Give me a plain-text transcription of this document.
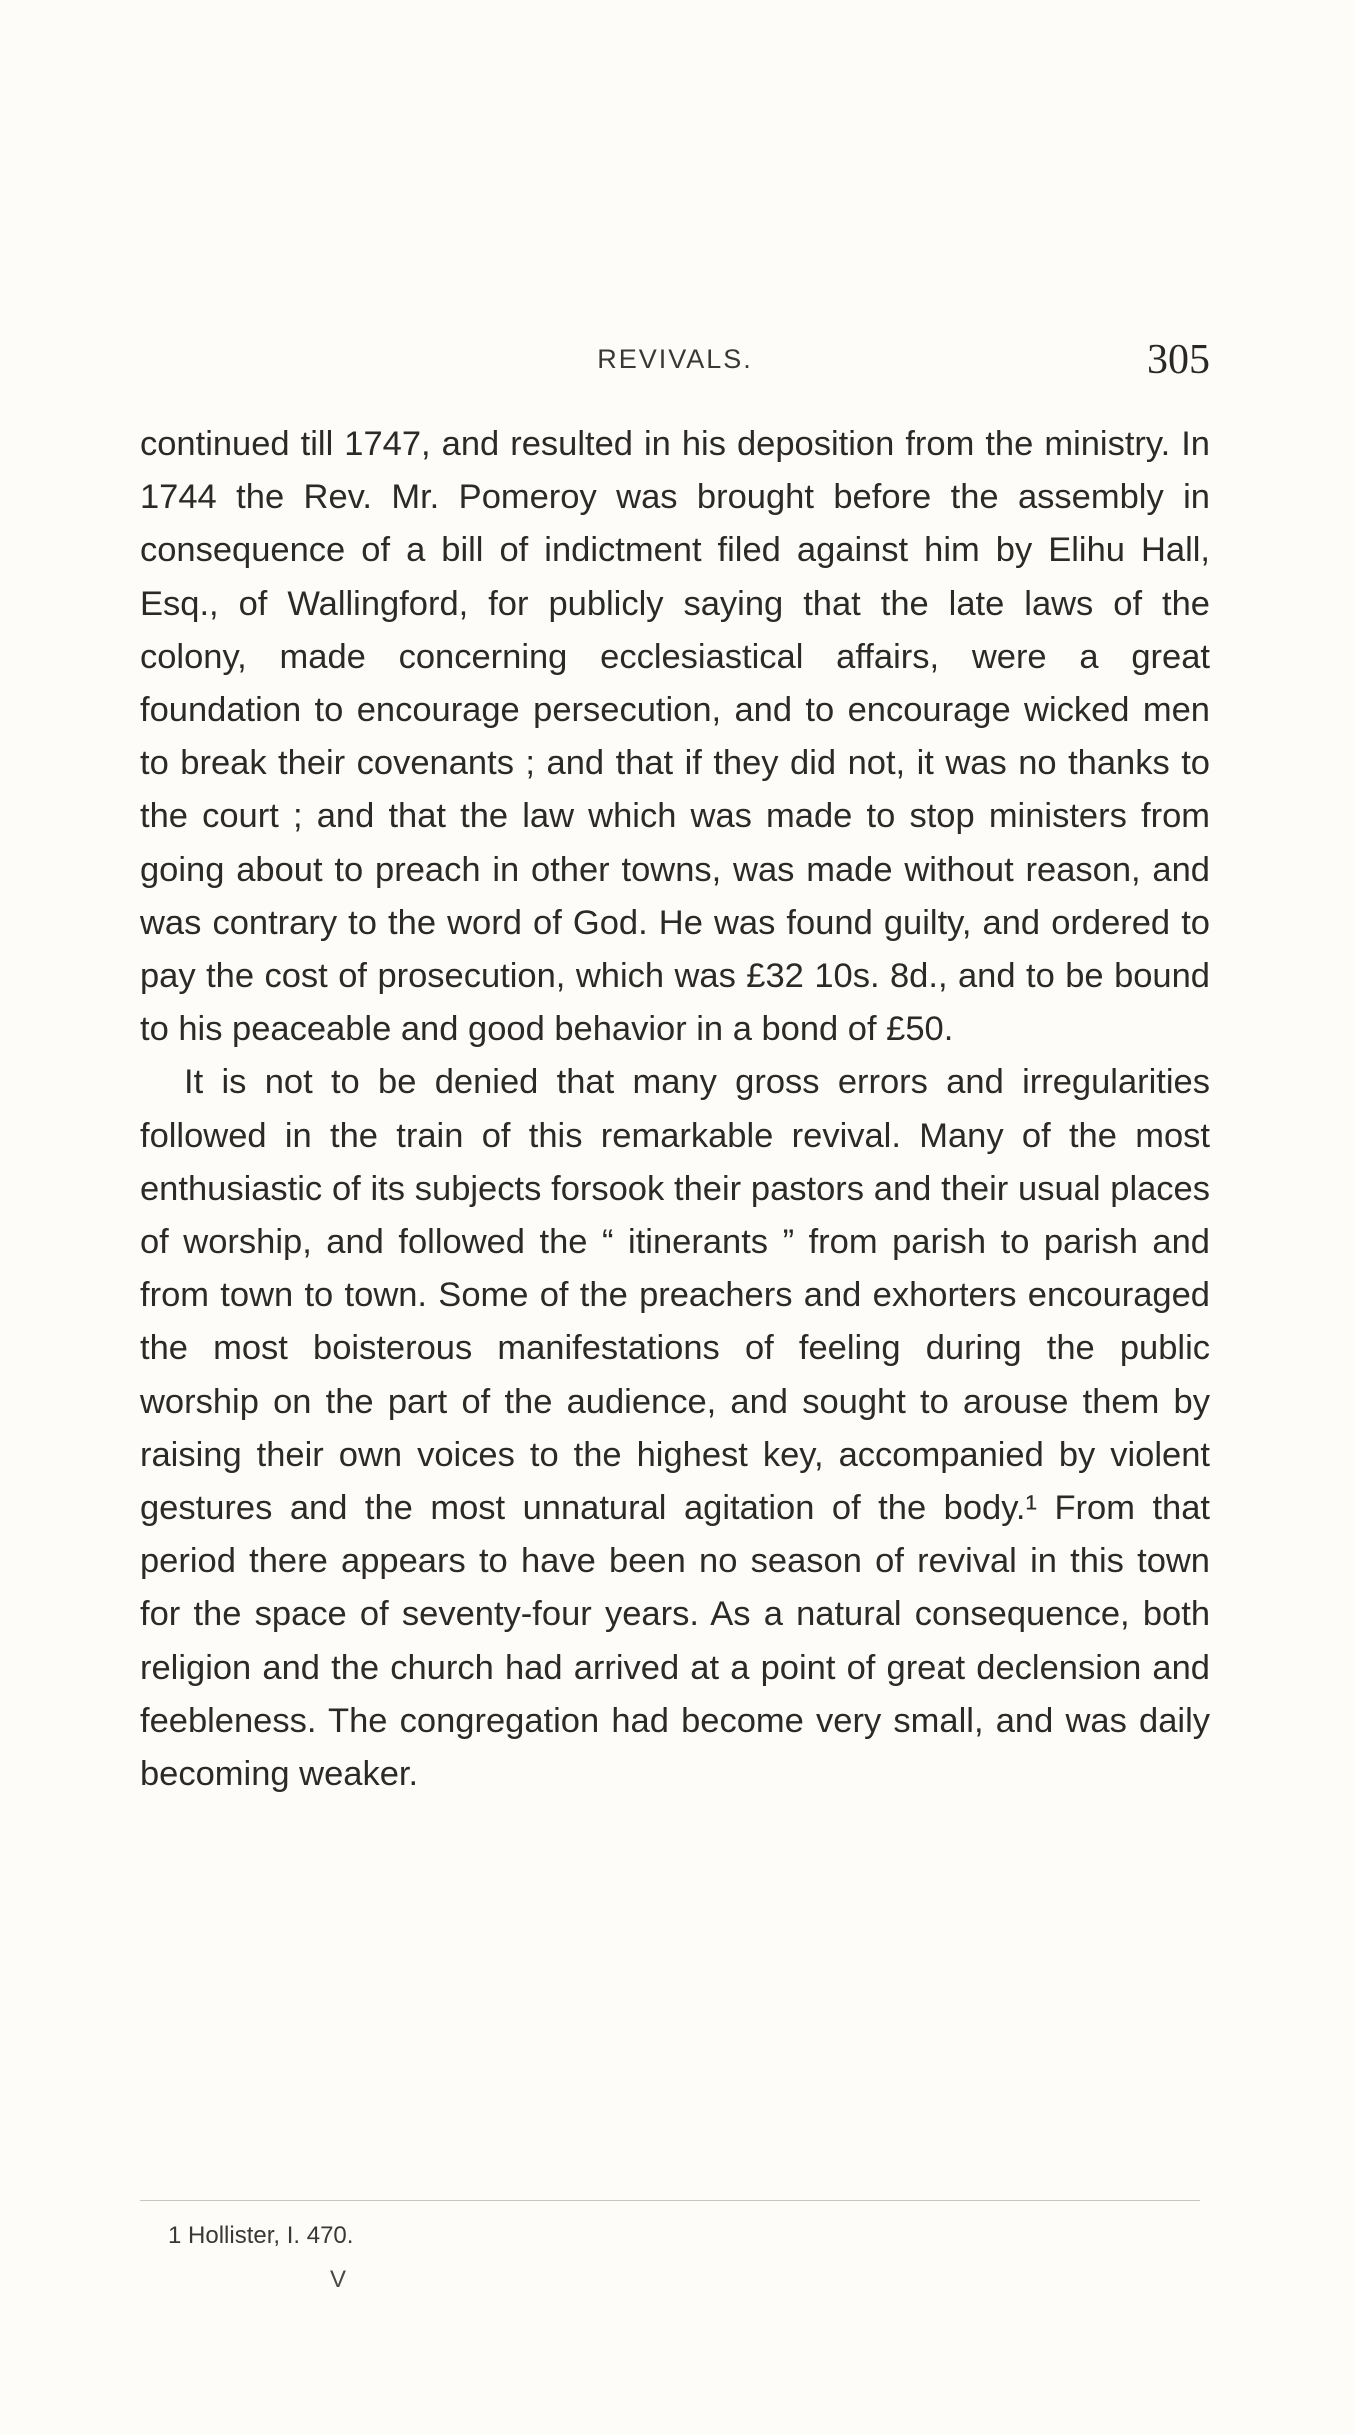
REVIVALS.	305

continued till 1747, and resulted in his deposition from the ministry. In 1744 the Rev. Mr. Pomeroy was brought before the assembly in consequence of a bill of indictment filed against him by Elihu Hall, Esq., of Wallingford, for publicly saying that the late laws of the colony, made concerning ecclesiastical affairs, were a great foundation to encourage persecution, and to encourage wicked men to break their covenants ; and that if they did not, it was no thanks to the court ; and that the law which was made to stop ministers from going about to preach in other towns, was made without reason, and was contrary to the word of God. He was found guilty, and ordered to pay the cost of prosecution, which was £32 10s. 8d., and to be bound to his peaceable and good behavior in a bond of £50.

It is not to be denied that many gross errors and irregularities followed in the train of this remarkable revival. Many of the most enthusiastic of its subjects forsook their pastors and their usual places of worship, and followed the “ itinerants ” from parish to parish and from town to town. Some of the preachers and exhorters encouraged the most boisterous manifestations of feeling during the public worship on the part of the audience, and sought to arouse them by raising their own voices to the highest key, accompanied by violent gestures and the most unnatural agitation of the body.¹ From that period there appears to have been no season of revival in this town for the space of seventy-four years. As a natural consequence, both religion and the church had arrived at a point of great declension and feebleness. The congregation had become very small, and was daily becoming weaker.

1 Hollister, I. 470.
V
